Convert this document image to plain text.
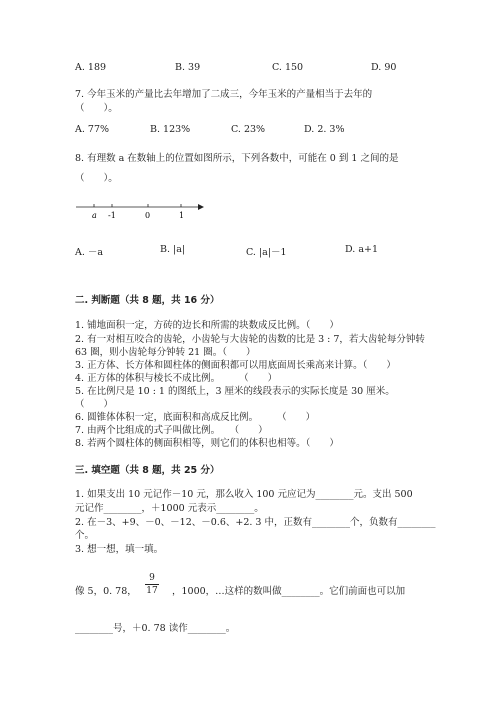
A. 189	B. 39	C. 150	D. 90
7. 今年玉米的产量比去年增加了二成三，今年玉米的产量相当于去年的
（　　）。
A. 77%	B. 123%	C. 23%	D. 2. 3%
8. 有理数 a 在数轴上的位置如图所示，下列各数中，可能在 0 到 1 之间的是
（　　）。
a -1	0	1
A. －a	B. |a|	C. |a|－1	D. a+1
二. 判断题（共 8 题，共 16 分）
1. 铺地面积一定，方砖的边长和所需的块数成反比例。（　　）
2. 有一对相互咬合的齿轮，小齿轮与大齿轮的齿数的比是 3 : 7，若大齿轮每分钟转
63 圈，则小齿轮每分钟转 21 圈。（　　）
3. 正方体、长方体和圆柱体的侧面积都可以用底面周长乘高来计算。（　　）
4. 正方体的体积与棱长不成比例。　　　（　　）
5. 在比例尺是 10 : 1 的图纸上，3 厘米的线段表示的实际长度是 30 厘米。
（　　）
6. 圆锥体体积一定，底面积和高成反比例。　　　（　　）
7. 由两个比组成的式子叫做比例。　　（　　）
8. 若两个圆柱体的侧面积相等，则它们的体积也相等。（　　）
三. 填空题（共 8 题，共 25 分）
1. 如果支出 10 元记作－10 元，那么收入 100 元应记为________元。支出 500
元记作________，＋1000 元表示________。
2. 在－3、+9、－0、－12、－0.6、+2. 3 中，正数有________个，负数有________
个。
3. 想一想，填一填。
像 5，0. 78，
9
17 ，1000，…这样的数叫做________。它们前面也可以加
________号，＋0. 78 读作________。
